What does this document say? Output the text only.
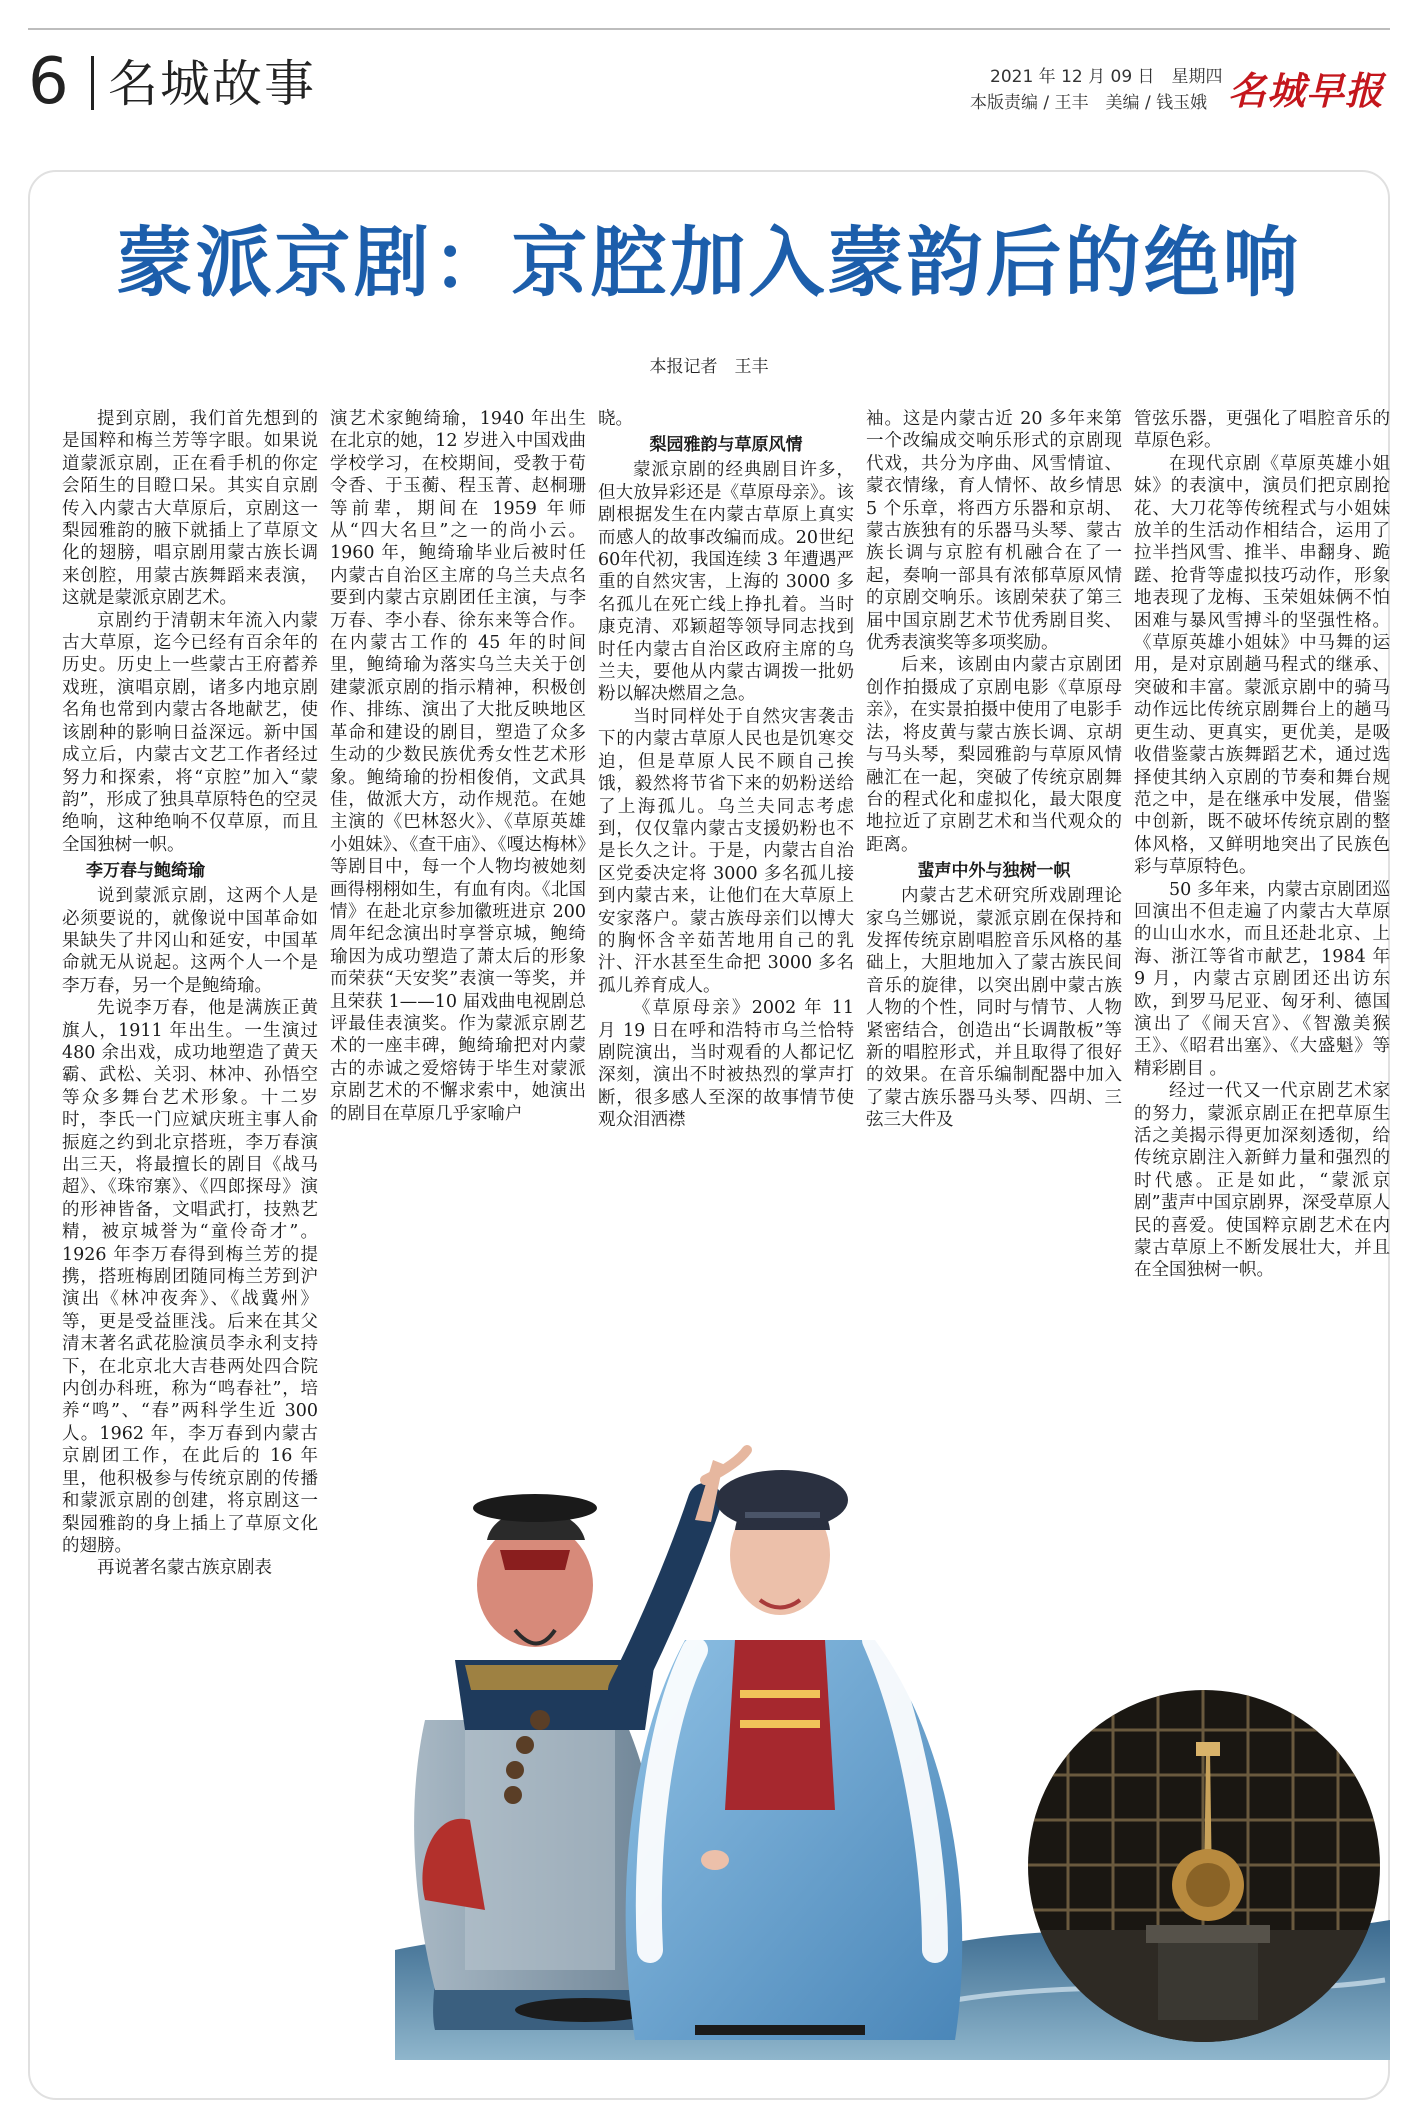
6 名城故事	2021 年 12 月 09 日　星期四
本版责编 / 王丰　美编 / 钱玉娥 名城早报
蒙派京剧：京腔加入蒙韵后的绝响
本报记者　王丰

提到京剧，我们首先想到的是国粹和梅兰芳等字眼。如果说道蒙派京剧，正在看手机的你定会陌生的目瞪口呆。其实自京剧传入内蒙古大草原后，京剧这一梨园雅韵的腋下就插上了草原文化的翅膀，唱京剧用蒙古族长调来创腔，用蒙古族舞蹈来表演，这就是蒙派京剧艺术。

京剧约于清朝末年流入内蒙古大草原，迄今已经有百余年的历史。历史上一些蒙古王府蓄养戏班，演唱京剧，诸多内地京剧名角也常到内蒙古各地献艺，使该剧种的影响日益深远。新中国成立后，内蒙古文艺工作者经过努力和探索，将“京腔”加入“蒙韵”，形成了独具草原特色的空灵绝响，这种绝响不仅草原，而且全国独树一帜。

李万春与鲍绮瑜

说到蒙派京剧，这两个人是必须要说的，就像说中国革命如果缺失了井冈山和延安，中国革命就无从说起。这两个人一个是李万春，另一个是鲍绮瑜。

先说李万春，他是满族正黄旗人，1911 年出生。一生演过 480 余出戏，成功地塑造了黄天霸、武松、关羽、林冲、孙悟空等众多舞台艺术形象。十二岁时，李氏一门应斌庆班主事人俞振庭之约到北京搭班，李万春演出三天，将最擅长的剧目《战马超》、《珠帘寨》、《四郎探母》演的形神皆备，文唱武打，技熟艺精，被京城誉为“童伶奇才”。1926 年李万春得到梅兰芳的提携，搭班梅剧团随同梅兰芳到沪演出《林冲夜奔》、《战冀州》等，更是受益匪浅。后来在其父清末著名武花脸演员李永利支持下，在北京北大吉巷两处四合院内创办科班，称为“鸣春社”，培养“鸣”、“春”两科学生近 300 人。1962 年，李万春到内蒙古京剧团工作，在此后的 16 年里，他积极参与传统京剧的传播和蒙派京剧的创建，将京剧这一梨园雅韵的身上插上了草原文化的翅膀。

再说著名蒙古族京剧表

演艺术家鲍绮瑜，1940 年出生在北京的她，12 岁进入中国戏曲学校学习，在校期间，受教于荀令香、于玉蘅、程玉菁、赵桐珊等前辈，期间在 1959 年师从“四大名旦”之一的尚小云。1960 年，鲍绮瑜毕业后被时任内蒙古自治区主席的乌兰夫点名要到内蒙古京剧团任主演，与李万春、李小春、徐东来等合作。在内蒙古工作的 45 年的时间里，鲍绮瑜为落实乌兰夫关于创建蒙派京剧的指示精神，积极创作、排练、演出了大批反映地区革命和建设的剧目，塑造了众多生动的少数民族优秀女性艺术形象。鲍绮瑜的扮相俊俏，文武具佳，做派大方，动作规范。在她主演的《巴林怒火》、《草原英雄小姐妹》、《查干庙》、《嘎达梅林》等剧目中，每一个人物均被她刻画得栩栩如生，有血有肉。《北国情》在赴北京参加徽班进京 200 周年纪念演出时享誉京城，鲍绮瑜因为成功塑造了萧太后的形象而荣获“天安奖”表演一等奖，并且荣获 1——10 届戏曲电视剧总评最佳表演奖。作为蒙派京剧艺术的一座丰碑，鲍绮瑜把对内蒙古的赤诚之爱熔铸于毕生对蒙派京剧艺术的不懈求索中，她演出的剧目在草原几乎家喻户

晓。

梨园雅韵与草原风情

蒙派京剧的经典剧目许多，但大放异彩还是《草原母亲》。该剧根据发生在内蒙古草原上真实而感人的故事改编而成。20世纪60年代初，我国连续 3 年遭遇严重的自然灾害，上海的 3000 多名孤儿在死亡线上挣扎着。当时康克清、邓颖超等领导同志找到时任内蒙古自治区政府主席的乌兰夫，要他从内蒙古调拨一批奶粉以解决燃眉之急。

当时同样处于自然灾害袭击下的内蒙古草原人民也是饥寒交迫，但是草原人民不顾自己挨饿，毅然将节省下来的奶粉送给了上海孤儿。乌兰夫同志考虑到，仅仅靠内蒙古支援奶粉也不是长久之计。于是，内蒙古自治区党委决定将 3000 多名孤儿接到内蒙古来，让他们在大草原上安家落户。蒙古族母亲们以博大的胸怀含辛茹苦地用自己的乳汁、汗水甚至生命把 3000 多名孤儿养育成人。

《草原母亲》2002 年 11 月 19 日在呼和浩特市乌兰恰特剧院演出，当时观看的人都记忆深刻，演出不时被热烈的掌声打断，很多感人至深的故事情节使观众泪洒襟

袖。这是内蒙古近 20 多年来第一个改编成交响乐形式的京剧现代戏，共分为序曲、风雪情谊、蒙衣情缘，育人情怀、故乡情思 5 个乐章，将西方乐器和京胡、蒙古族独有的乐器马头琴、蒙古族长调与京腔有机融合在了一起，奏响一部具有浓郁草原风情的京剧交响乐。该剧荣获了第三届中国京剧艺术节优秀剧目奖、优秀表演奖等多项奖励。

后来，该剧由内蒙古京剧团创作拍摄成了京剧电影《草原母亲》，在实景拍摄中使用了电影手法，将皮黄与蒙古族长调、京胡与马头琴，梨园雅韵与草原风情融汇在一起，突破了传统京剧舞台的程式化和虚拟化，最大限度地拉近了京剧艺术和当代观众的距离。

蜚声中外与独树一帜

内蒙古艺术研究所戏剧理论家乌兰娜说，蒙派京剧在保持和发挥传统京剧唱腔音乐风格的基础上，大胆地加入了蒙古族民间音乐的旋律，以突出剧中蒙古族人物的个性，同时与情节、人物紧密结合，创造出“长调散板”等新的唱腔形式，并且取得了很好的效果。在音乐编制配器中加入了蒙古族乐器马头琴、四胡、三弦三大件及

管弦乐器，更强化了唱腔音乐的草原色彩。

在现代京剧《草原英雄小姐妹》的表演中，演员们把京剧抢花、大刀花等传统程式与小姐妹放羊的生活动作相结合，运用了拉半挡风雪、推半、串翻身、跪蹉、抢背等虚拟技巧动作，形象地表现了龙梅、玉荣姐妹俩不怕困难与暴风雪搏斗的坚强性格。《草原英雄小姐妹》中马舞的运用，是对京剧趟马程式的继承、突破和丰富。蒙派京剧中的骑马动作远比传统京剧舞台上的趟马更生动、更真实，更优美，是吸收借鉴蒙古族舞蹈艺术，通过选择使其纳入京剧的节奏和舞台规范之中，是在继承中发展，借鉴中创新，既不破坏传统京剧的整体风格，又鲜明地突出了民族色彩与草原特色。

50 多年来，内蒙古京剧团巡回演出不但走遍了内蒙古大草原的山山水水，而且还赴北京、上海、浙江等省市献艺，1984 年 9 月，内蒙古京剧团还出访东欧，到罗马尼亚、匈牙利、德国演出了《闹天宫》、《智激美猴王》、《昭君出塞》、《大盛魁》等精彩剧目 。

经过一代又一代京剧艺术家的努力，蒙派京剧正在把草原生活之美揭示得更加深刻透彻，给传统京剧注入新鲜力量和强烈的时代感。正是如此，“蒙派京剧”蜚声中国京剧界，深受草原人民的喜爱。使国粹京剧艺术在内蒙古草原上不断发展壮大，并且在全国独树一帜。
